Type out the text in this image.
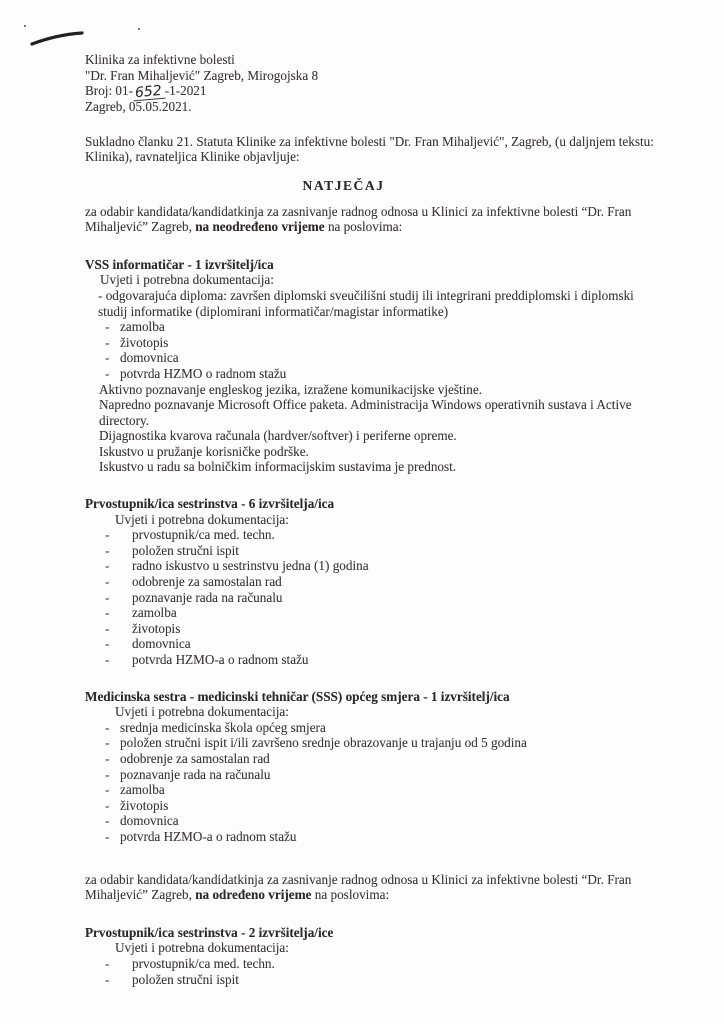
Klinika za infektivne bolesti
"Dr. Fran Mihaljević" Zagreb, Mirogojska 8
Broj: 01-652 -1-2021
Zagreb, 05.05.2021.

Sukladno članku 21. Statuta Klinike za infektivne bolesti "Dr. Fran Mihaljević", Zagreb, (u daljnjem tekstu: Klinika), ravnateljica Klinike objavljuje:

NATJEČAJ

za odabir kandidata/kandidatkinja za zasnivanje radnog odnosa u Klinici za infektivne bolesti “Dr. Fran Mihaljević” Zagreb, na neodređeno vrijeme na poslovima:

VSS informatičar - 1 izvršitelj/ica

Uvjeti i potrebna dokumentacija:

- odgovarajuća diploma: završen diplomski sveučilišni studij ili integrirani preddiplomski i diplomski studij informatike (diplomirani informatičar/magistar informatike)

- zamolba
- životopis
- domovnica
- potvrda HZMO o radnom stažu

Aktivno poznavanje engleskog jezika, izražene komunikacijske vještine.

Napredno poznavanje Microsoft Office paketa. Administracija Windows operativnih sustava i Active directory.

Dijagnostika kvarova računala (hardver/softver) i periferne opreme.

Iskustvo u pružanje korisničke podrške.

Iskustvo u radu sa bolničkim informacijskim sustavima je prednost.

Prvostupnik/ica sestrinstva - 6 izvršitelja/ica

Uvjeti i potrebna dokumentacija:

-	prvostupnik/ca med. techn.
-	položen stručni ispit
-	radno iskustvo u sestrinstvu jedna (1) godina
-	odobrenje za samostalan rad
-	poznavanje rada na računalu
-	zamolba
-	životopis
-	domovnica
-	potvrda HZMO-a o radnom stažu
Medicinska sestra - medicinski tehničar (SSS) općeg smjera - 1 izvršitelj/ica

Uvjeti i potrebna dokumentacija:

- srednja medicinska škola općeg smjera
- položen stručni ispit i/ili završeno srednje obrazovanje u trajanju od 5 godina
- odobrenje za samostalan rad
- poznavanje rada na računalu
- zamolba
- životopis
- domovnica
- potvrda HZMO-a o radnom stažu

za odabir kandidata/kandidatkinja za zasnivanje radnog odnosa u Klinici za infektivne bolesti “Dr. Fran Mihaljević” Zagreb, na određeno vrijeme na poslovima:

Prvostupnik/ica sestrinstva - 2 izvršitelja/ice

Uvjeti i potrebna dokumentacija:

-	prvostupnik/ca med. techn.
-	položen stručni ispit
